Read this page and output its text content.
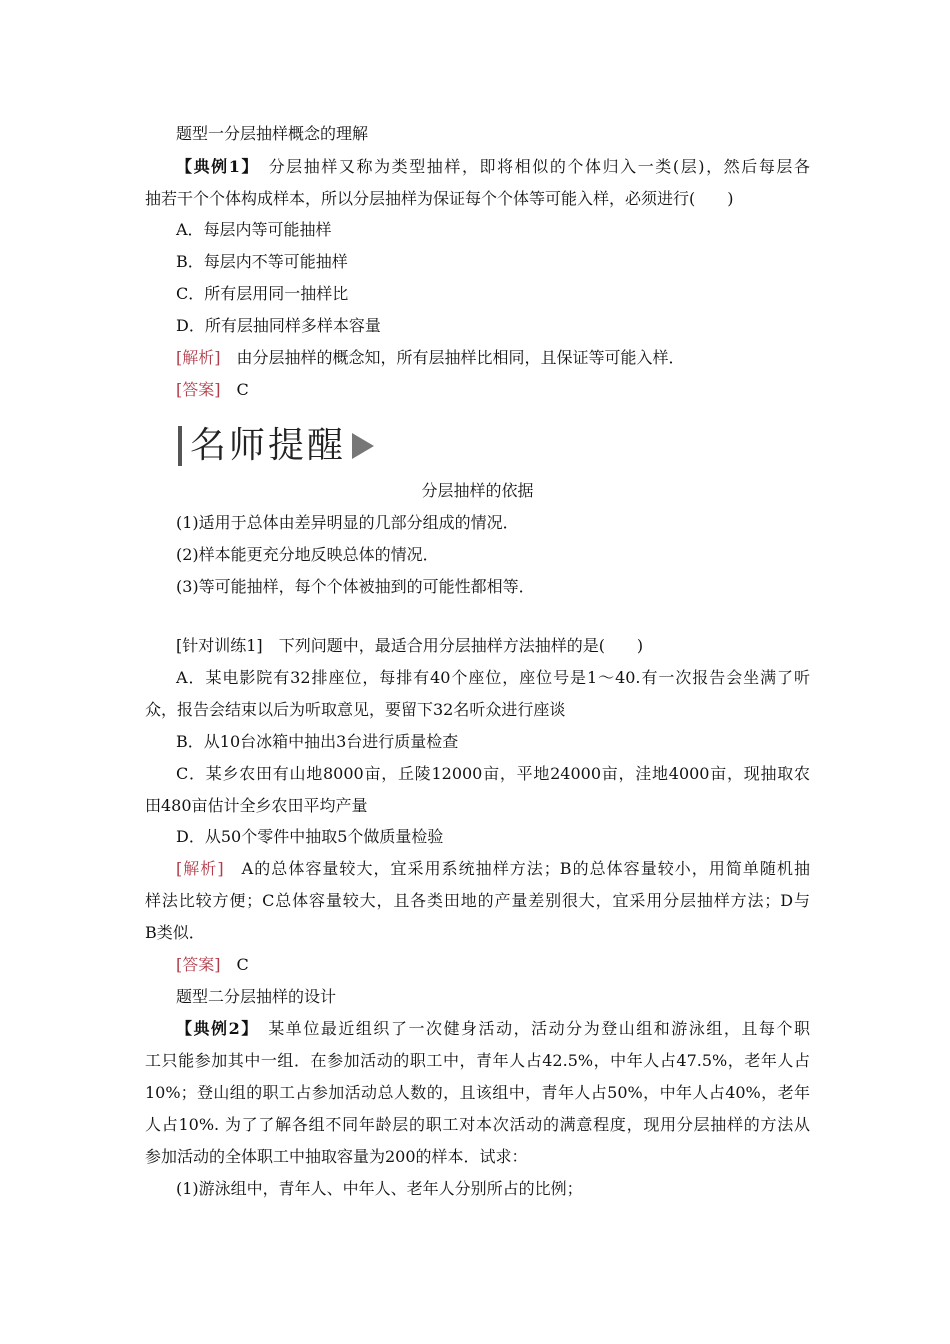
题型一分层抽样概念的理解
【典例1】　 分层抽样又称为类型抽样，即将相似的个体归入一类(层)，然后每层各
抽若干个个体构成样本，所以分层抽样为保证每个个体等可能入样，必须进行(　　)
A．每层内等可能抽样
B．每层内不等可能抽样
C．所有层用同一抽样比
D．所有层抽同样多样本容量
[解析]　 由分层抽样的概念知，所有层抽样比相同，且保证等可能入样．
[答案]　 C
名师提醒
分层抽样的依据
(1)适用于总体由差异明显的几部分组成的情况．
(2)样本能更充分地反映总体的情况．
(3)等可能抽样，每个个体被抽到的可能性都相等．
[针对训练1]　 下列问题中，最适合用分层抽样方法抽样的是(　　)
A．某电影院有32排座位，每排有40个座位，座位号是1～40.有一次报告会坐满了听
众，报告会结束以后为听取意见，要留下32名听众进行座谈
B．从10台冰箱中抽出3台进行质量检查
C．某乡农田有山地8000亩，丘陵12000亩，平地24000亩，洼地4000亩，现抽取农
田480亩估计全乡农田平均产量
D．从50个零件中抽取5个做质量检验
[解析]　 A的总体容量较大，宜采用系统抽样方法；B的总体容量较小，用简单随机抽
样法比较方便；C总体容量较大，且各类田地的产量差别很大，宜采用分层抽样方法；D与
B类似．
[答案]　 C
题型二分层抽样的设计
【典例2】　 某单位最近组织了一次健身活动，活动分为登山组和游泳组，且每个职
工只能参加其中一组．在参加活动的职工中，青年人占42.5%，中年人占47.5%，老年人占
10%；登山组的职工占参加活动总人数的，且该组中，青年人占50%，中年人占40%，老年
人占10%. 为了了解各组不同年龄层的职工对本次活动的满意程度，现用分层抽样的方法从
参加活动的全体职工中抽取容量为200的样本．试求：
(1)游泳组中，青年人、中年人、老年人分别所占的比例；
